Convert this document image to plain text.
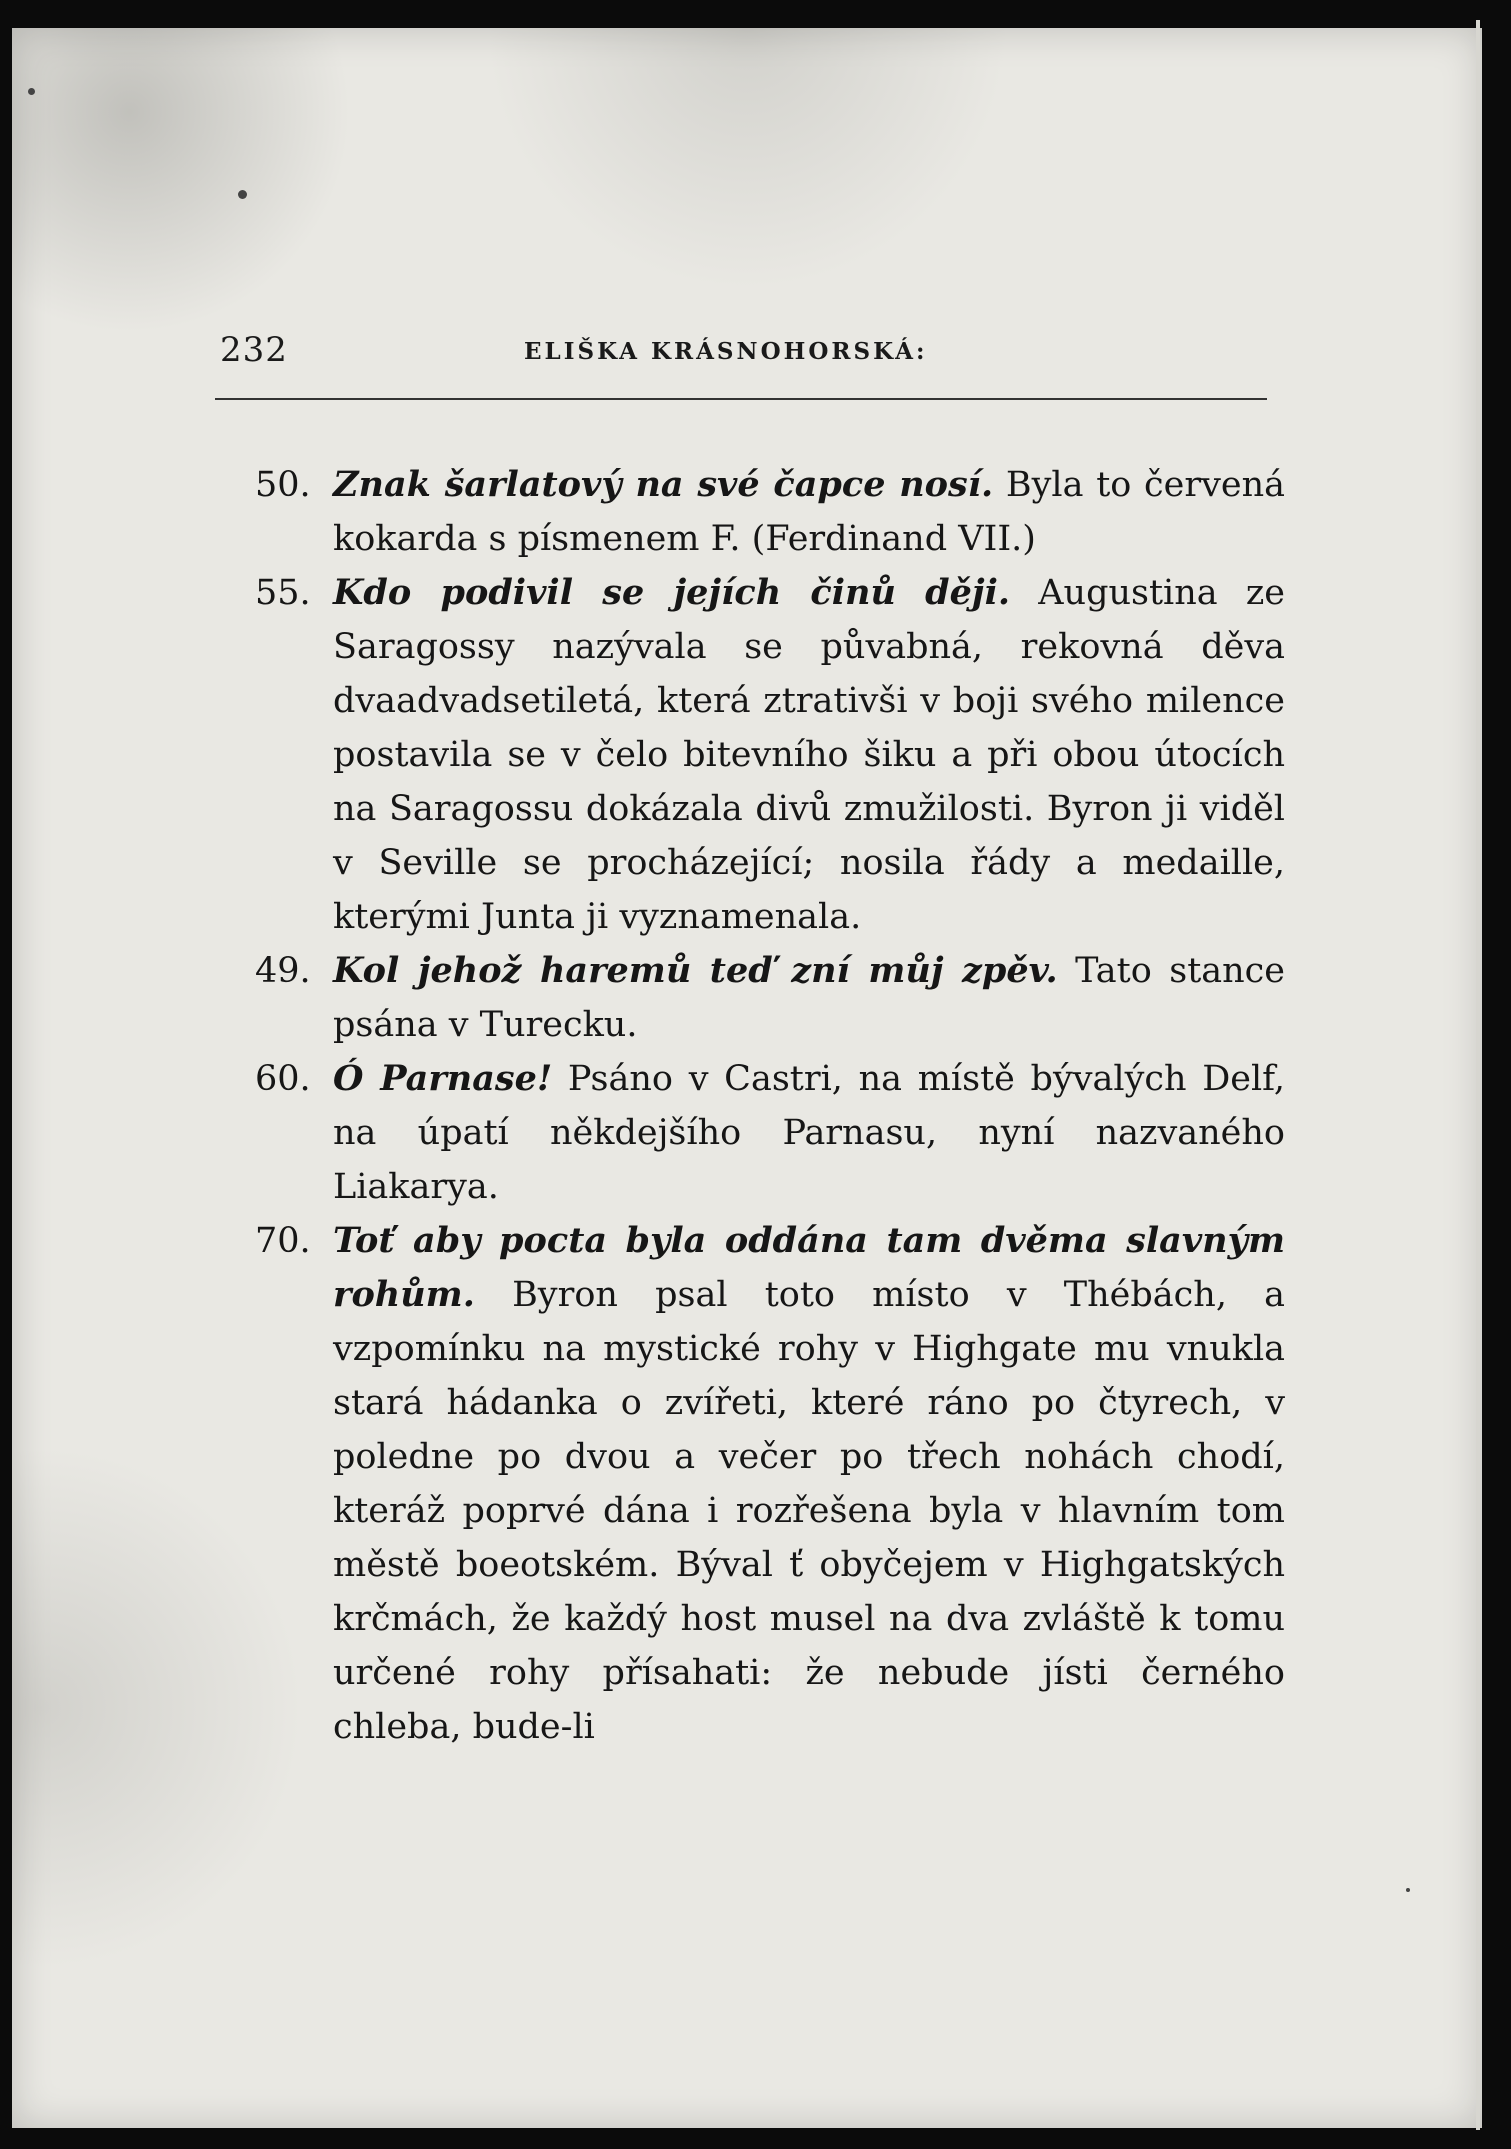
232	ELIŠKA KRÁSNOHORSKÁ:

50. Znak šarlatový na své čapce nosí. Byla to červená kokarda s písmenem F. (Ferdinand VII.)

55. Kdo podivil se jejích činů ději. Augustina ze Saragossy nazývala se půvabná, rekovná děva dvaadvadsetiletá, která ztrativši v boji svého milence postavila se v čelo bitevního šiku a při obou útocích na Saragossu dokázala divů zmužilosti. Byron ji viděl v Seville se procházející; nosila řády a medaille, kterými Junta ji vyznamenala.

49. Kol jehož haremů teď zní můj zpěv. Tato stance psána v Turecku.

60. Ó Parnase! Psáno v Castri, na místě bývalých Delf, na úpatí někdejšího Parnasu, nyní nazvaného Liakarya.

70. Toť aby pocta byla oddána tam dvěma slavným rohům. Byron psal toto místo v Thébách, a vzpomínku na mystické rohy v Highgate mu vnukla stará hádanka o zvířeti, které ráno po čtyrech, v poledne po dvou a večer po třech nohách chodí, kteráž poprvé dána i rozřešena byla v hlavním tom městě boeotském. Býval ť obyčejem v Highgatských krčmách, že každý host musel na dva zvláště k tomu určené rohy přísahati: že nebude jísti černého chleba, bude-li
